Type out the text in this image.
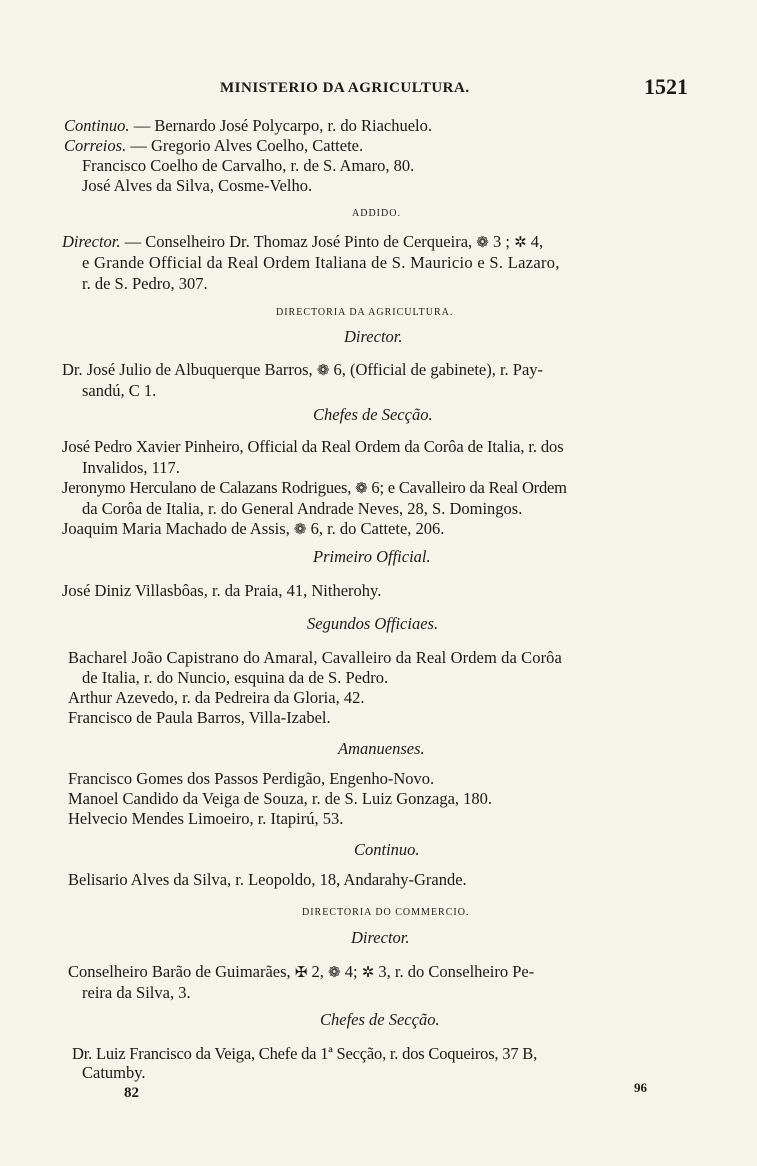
MINISTERIO DA AGRICULTURA.	1521
Continuo. — Bernardo José Polycarpo, r. do Riachuelo.
Correios. — Gregorio Alves Coelho, Cattete.
Francisco Coelho de Carvalho, r. de S. Amaro, 80.
José Alves da Silva, Cosme-Velho.
ADDIDO.
Director. — Conselheiro Dr. Thomaz José Pinto de Cerqueira, ❁ 3 ; ✲ 4,
e Grande Official da Real Ordem Italiana de S. Mauricio e S. Lazaro,
r. de S. Pedro, 307.
DIRECTORIA DA AGRICULTURA.
Director.
Dr. José Julio de Albuquerque Barros, ❁ 6, (Official de gabinete), r. Pay-
sandú, C 1.
Chefes de Secção.
José Pedro Xavier Pinheiro, Official da Real Ordem da Corôa de Italia, r. dos
Invalidos, 117.
Jeronymo Herculano de Calazans Rodrigues, ❁ 6; e Cavalleiro da Real Ordem
da Corôa de Italia, r. do General Andrade Neves, 28, S. Domingos.
Joaquim Maria Machado de Assis, ❁ 6, r. do Cattete, 206.
Primeiro Official.
José Diniz Villasbôas, r. da Praia, 41, Nitherohy.
Segundos Officiaes.
Bacharel João Capistrano do Amaral, Cavalleiro da Real Ordem da Corôa
de Italia, r. do Nuncio, esquina da de S. Pedro.
Arthur Azevedo, r. da Pedreira da Gloria, 42.
Francisco de Paula Barros, Villa-Izabel.
Amanuenses.
Francisco Gomes dos Passos Perdigão, Engenho-Novo.
Manoel Candido da Veiga de Souza, r. de S. Luiz Gonzaga, 180.
Helvecio Mendes Limoeiro, r. Itapirú, 53.
Continuo.
Belisario Alves da Silva, r. Leopoldo, 18, Andarahy-Grande.
DIRECTORIA DO COMMERCIO.
Director.
Conselheiro Barão de Guimarães, ✠ 2, ❁ 4; ✲ 3, r. do Conselheiro Pe-
reira da Silva, 3.
Chefes de Secção.
Dr. Luiz Francisco da Veiga, Chefe da 1ª Secção, r. dos Coqueiros, 37 B,
Catumby.
82	96
